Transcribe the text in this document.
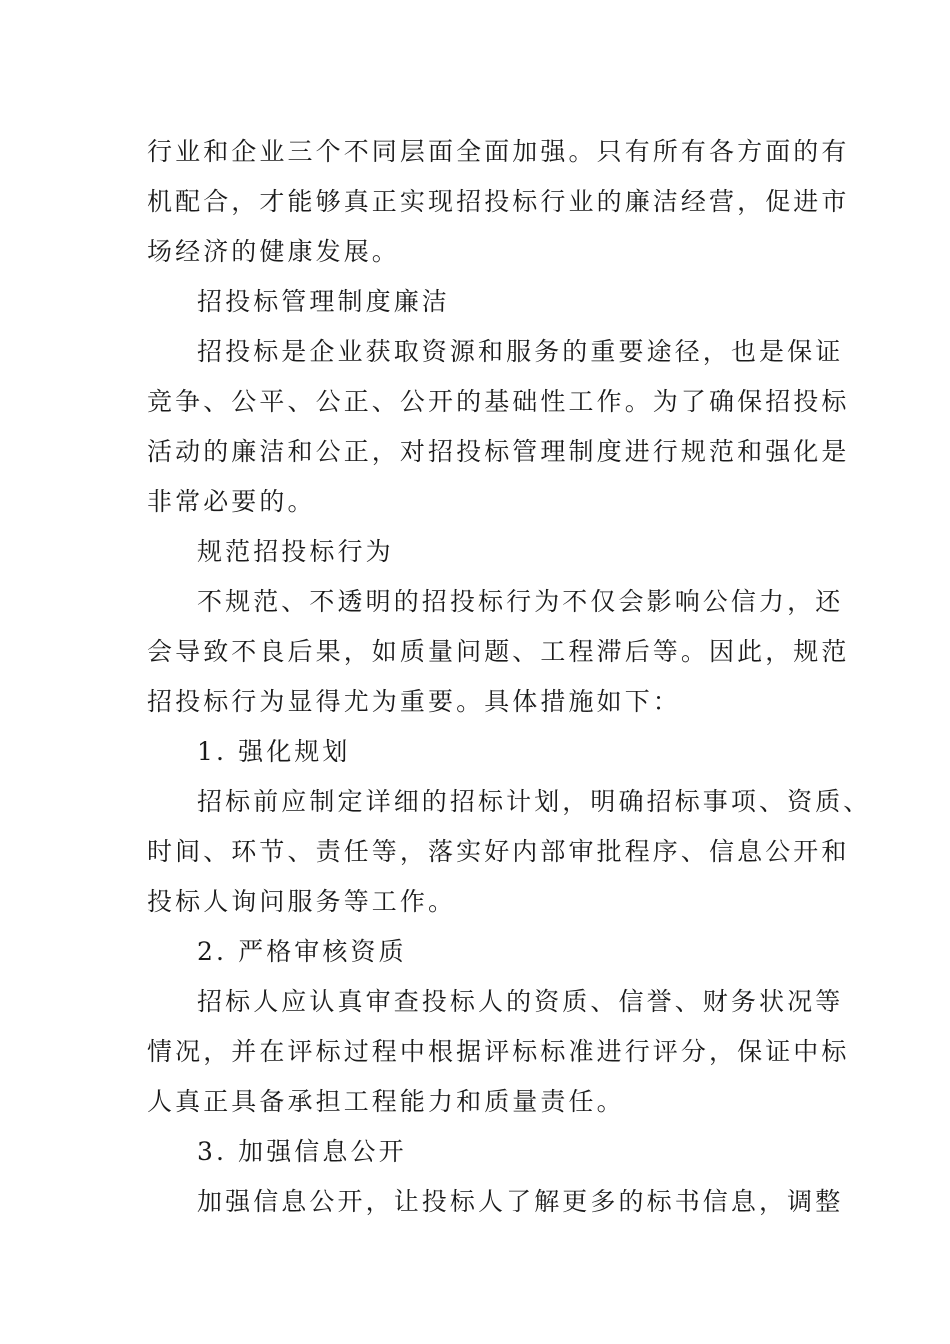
行业和企业三个不同层面全面加强。只有所有各方面的有
机配合，才能够真正实现招投标行业的廉洁经营，促进市
场经济的健康发展。

招投标管理制度廉洁

招投标是企业获取资源和服务的重要途径，也是保证
竞争、公平、公正、公开的基础性工作。为了确保招投标
活动的廉洁和公正，对招投标管理制度进行规范和强化是
非常必要的。

规范招投标行为

不规范、不透明的招投标行为不仅会影响公信力，还
会导致不良后果，如质量问题、工程滞后等。因此，规范
招投标行为显得尤为重要。具体措施如下：

1. 强化规划

招标前应制定详细的招标计划，明确招标事项、资质、
时间、环节、责任等，落实好内部审批程序、信息公开和
投标人询问服务等工作。

2. 严格审核资质

招标人应认真审查投标人的资质、信誉、财务状况等
情况，并在评标过程中根据评标标准进行评分，保证中标
人真正具备承担工程能力和质量责任。

3. 加强信息公开

加强信息公开，让投标人了解更多的标书信息，调整
